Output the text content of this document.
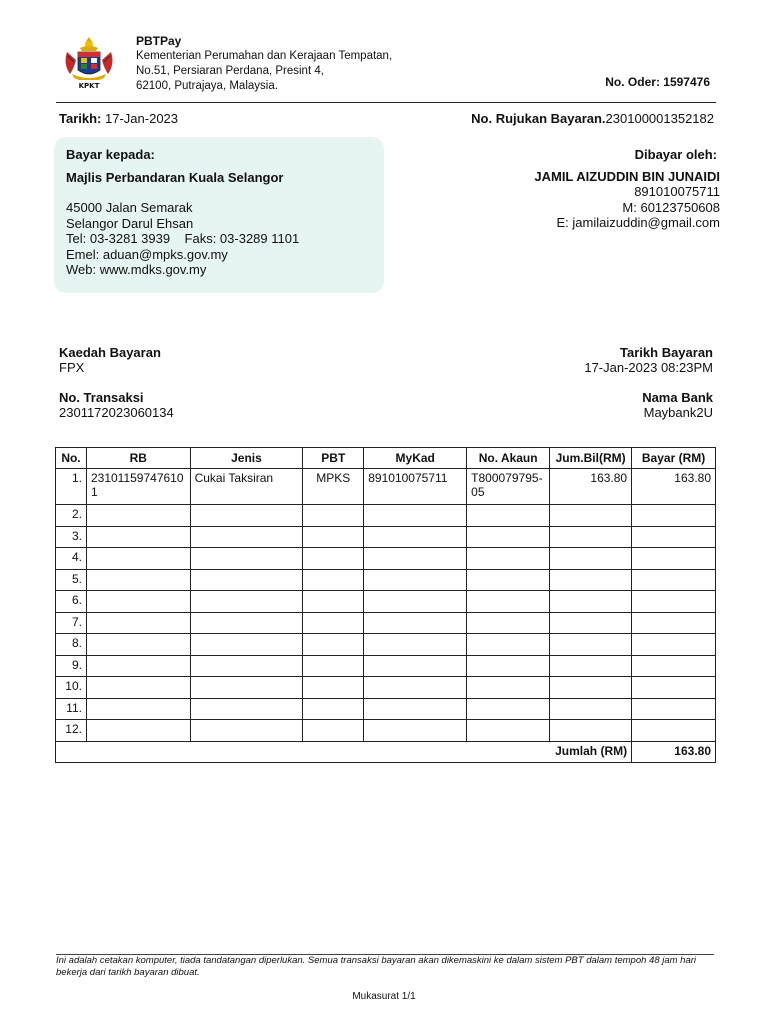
KPKT
PBTPay
Kementerian Perumahan dan Kerajaan Tempatan,
No.51, Persiaran Perdana, Presint 4,
62100, Putrajaya, Malaysia.	No. Oder: 1597476
Tarikh: 17-Jan-2023	No. Rujukan Bayaran.230100001352182
Bayar kepada:
Majlis Perbandaran Kuala Selangor
45000 Jalan Semarak
Selangor Darul Ehsan
Tel: 03-3281 3939    Faks: 03-3289 1101
Emel: aduan@mpks.gov.my
Web: www.mdks.gov.my
Dibayar oleh:
JAMIL AIZUDDIN BIN JUNAIDI
891010075711
M: 60123750608
E: jamilaizuddin@gmail.com
Kaedah Bayaran
FPX
Tarikh Bayaran
17-Jan-2023 08:23PM
No. Transaksi
2301172023060134
Nama Bank
Maybank2U
No.	RB	Jenis	PBT	MyKad	No. Akaun	Jum.Bil(RM)	Bayar (RM)
1.	231011597476101	Cukai Taksiran	MPKS	891010075711	T800079795-05	163.80	163.80
2.							
3.							
4.							
5.							
6.							
7.							
8.							
9.							
10.							
11.							
12.							
						Jumlah (RM)	163.80
Ini adalah cetakan komputer, tiada tandatangan diperlukan. Semua transaksi bayaran akan dikemaskini ke dalam sistem PBT dalam tempoh 48 jam hari bekerja dari tarikh bayaran dibuat.
Mukasurat 1/1
